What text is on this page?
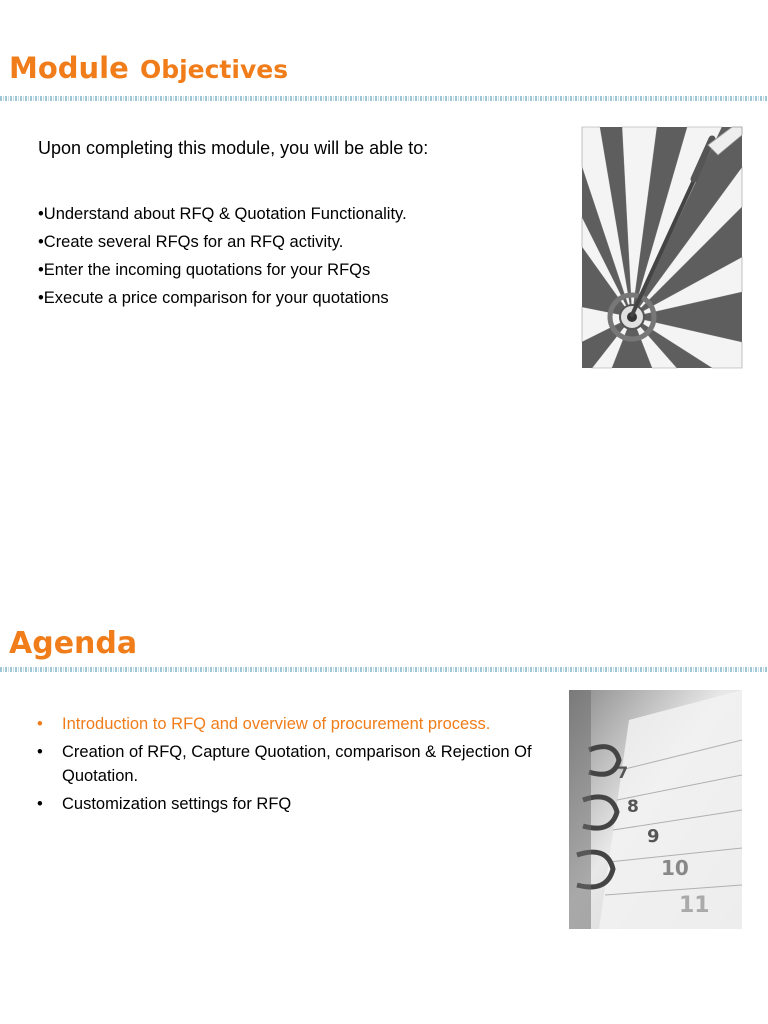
Module Objectives

Upon completing this module, you will be able to:

•Understand about RFQ & Quotation Functionality.
•Create several RFQs for an RFQ activity.
•Enter the incoming quotations for your RFQs
•Execute a price comparison for your quotations
Agenda
• Introduction to RFQ and overview of procurement process.
• Creation of RFQ, Capture Quotation, comparison & Rejection Of Quotation.
• Customization settings for RFQ
7
8
9
10
11
